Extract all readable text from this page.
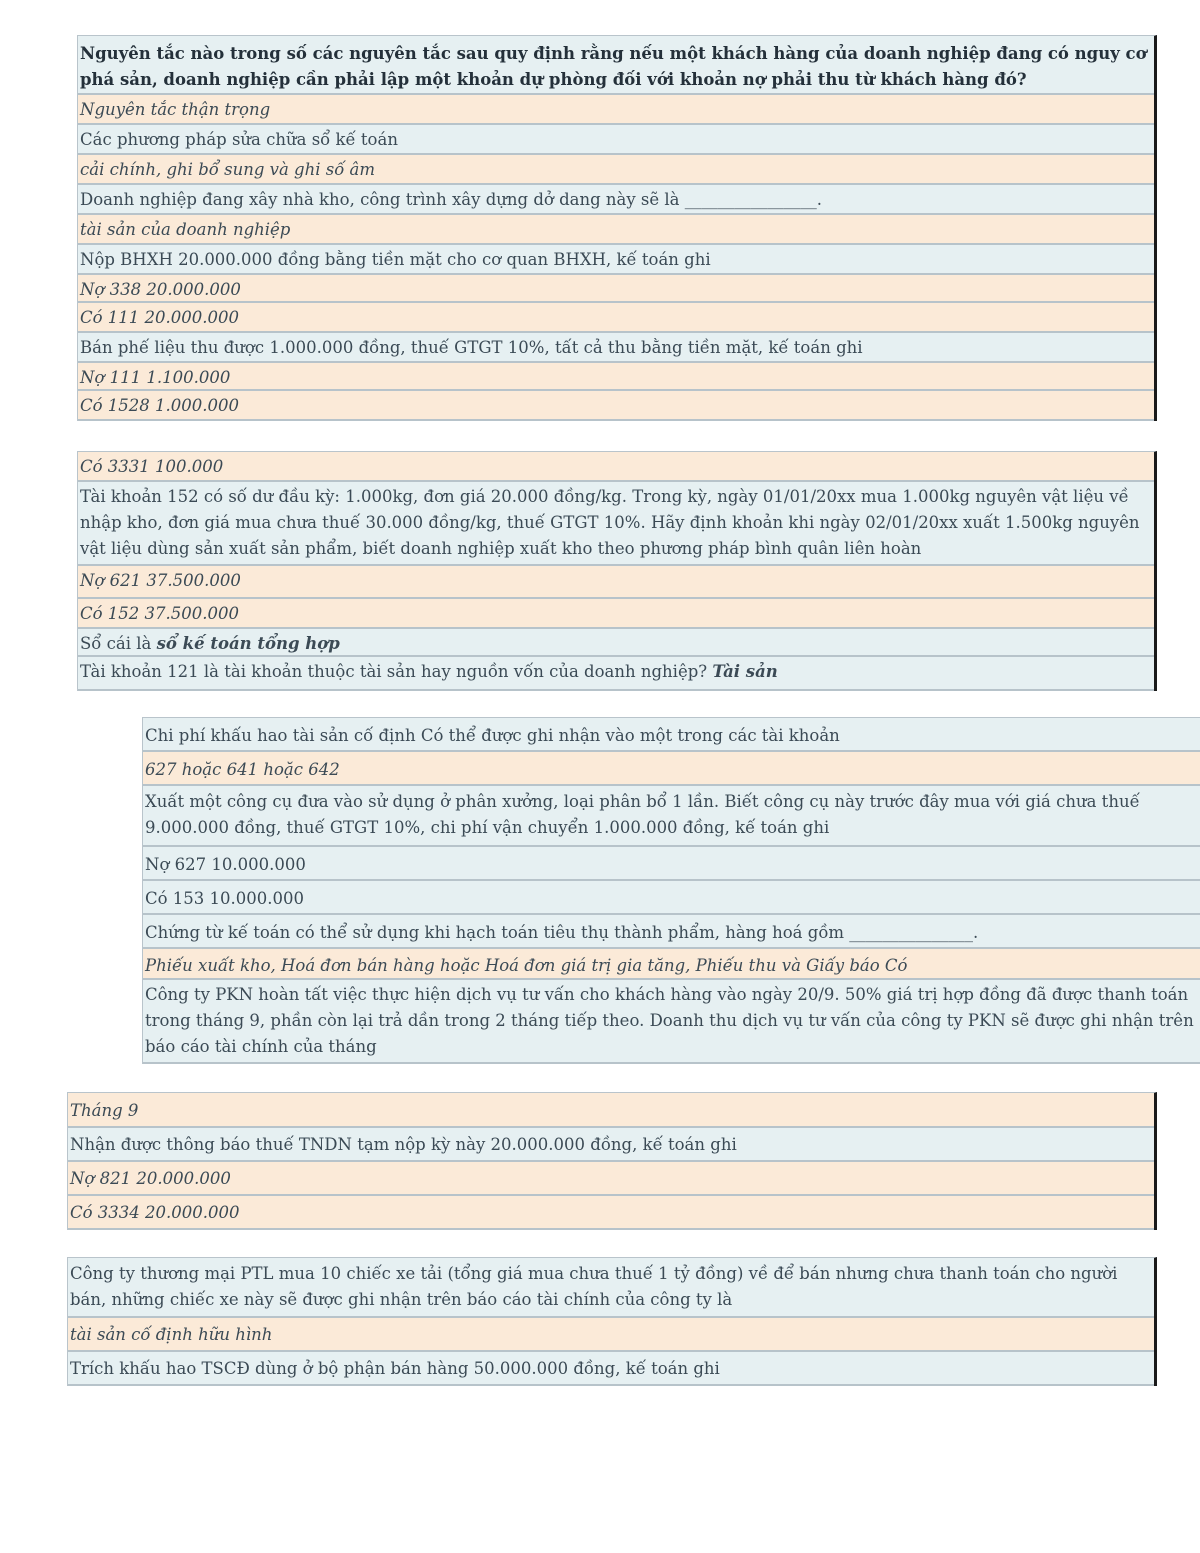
Nguyên tắc nào trong số các nguyên tắc sau quy định rằng nếu một khách hàng của doanh nghiệp đang có nguy cơ phá sản, doanh nghiệp cần phải lập một khoản dự phòng đối với khoản nợ phải thu từ khách hàng đó?
Nguyên tắc thận trọng
Các phương pháp sửa chữa sổ kế toán
cải chính, ghi bổ sung và ghi số âm
Doanh nghiệp đang xây nhà kho, công trình xây dựng dở dang này sẽ là ________________.
tài sản của doanh nghiệp
Nộp BHXH 20.000.000 đồng bằng tiền mặt cho cơ quan BHXH, kế toán ghi
Nợ 338 20.000.000
Có 111 20.000.000
Bán phế liệu thu được 1.000.000 đồng, thuế GTGT 10%, tất cả thu bằng tiền mặt, kế toán ghi
Nợ 111 1.100.000
Có 1528 1.000.000
Có 3331 100.000
Tài khoản 152 có số dư đầu kỳ: 1.000kg, đơn giá 20.000 đồng/kg. Trong kỳ, ngày 01/01/20xx mua 1.000kg nguyên vật liệu về nhập kho, đơn giá mua chưa thuế 30.000 đồng/kg, thuế GTGT 10%. Hãy định khoản khi ngày 02/01/20xx xuất 1.500kg nguyên vật liệu dùng sản xuất sản phẩm, biết doanh nghiệp xuất kho theo phương pháp bình quân liên hoàn
Nợ 621 37.500.000
Có 152 37.500.000
Sổ cái là sổ kế toán tổng hợp
Tài khoản 121 là tài khoản thuộc tài sản hay nguồn vốn của doanh nghiệp? Tài sản
Chi phí khấu hao tài sản cố định Có thể được ghi nhận vào một trong các tài khoản
627 hoặc 641 hoặc 642
Xuất một công cụ đưa vào sử dụng ở phân xưởng, loại phân bổ 1 lần. Biết công cụ này trước đây mua với giá chưa thuế 9.000.000 đồng, thuế GTGT 10%, chi phí vận chuyển 1.000.000 đồng, kế toán ghi
Nợ 627 10.000.000
Có 153 10.000.000
Chứng từ kế toán có thể sử dụng khi hạch toán tiêu thụ thành phẩm, hàng hoá gồm _______________.
Phiếu xuất kho, Hoá đơn bán hàng hoặc Hoá đơn giá trị gia tăng, Phiếu thu và Giấy báo Có
Công ty PKN hoàn tất việc thực hiện dịch vụ tư vấn cho khách hàng vào ngày 20/9. 50% giá trị hợp đồng đã được thanh toán trong tháng 9, phần còn lại trả dần trong 2 tháng tiếp theo. Doanh thu dịch vụ tư vấn của công ty PKN sẽ được ghi nhận trên báo cáo tài chính của tháng
Tháng 9
Nhận được thông báo thuế TNDN tạm nộp kỳ này 20.000.000 đồng, kế toán ghi
Nợ 821 20.000.000
Có 3334 20.000.000
Công ty thương mại PTL mua 10 chiếc xe tải (tổng giá mua chưa thuế 1 tỷ đồng) về để bán nhưng chưa thanh toán cho người bán, những chiếc xe này sẽ được ghi nhận trên báo cáo tài chính của công ty là
tài sản cố định hữu hình
Trích khấu hao TSCĐ dùng ở bộ phận bán hàng 50.000.000 đồng, kế toán ghi
